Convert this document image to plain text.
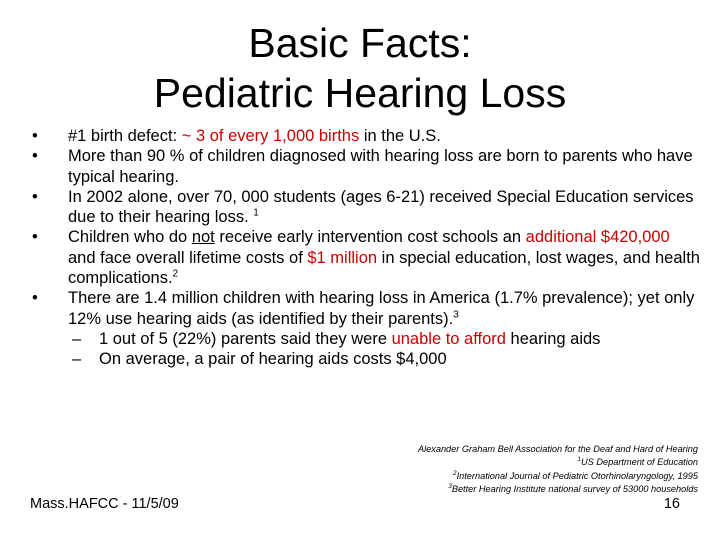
Basic Facts:
Pediatric Hearing Loss
• #1 birth defect: ~ 3 of every 1,000 births in the U.S.
• More than 90 % of children diagnosed with hearing loss are born to parents who have typical hearing.
• In 2002 alone, over 70, 000 students (ages 6-21) received Special Education services due to their hearing loss. $^1$
• Children who do not receive early intervention cost schools an additional $420,000 and face overall lifetime costs of $1 million in special education, lost wages, and health complications.$^2$
• There are 1.4 million children with hearing loss in America (1.7% prevalence); yet only 12% use hearing aids (as identified by their parents).$^3$
– 1 out of 5 (22%) parents said they were unable to afford hearing aids
– On average, a pair of hearing aids costs $4,000
Alexander Graham Bell Association for the Deaf and Hard of Hearing
$^1$US Department of Education
$^2$International Journal of Pediatric Otorhinolaryngology, 1995
$^3$Better Hearing Institute national survey of 53000 households
Mass.HAFCC - 11/5/09	16
